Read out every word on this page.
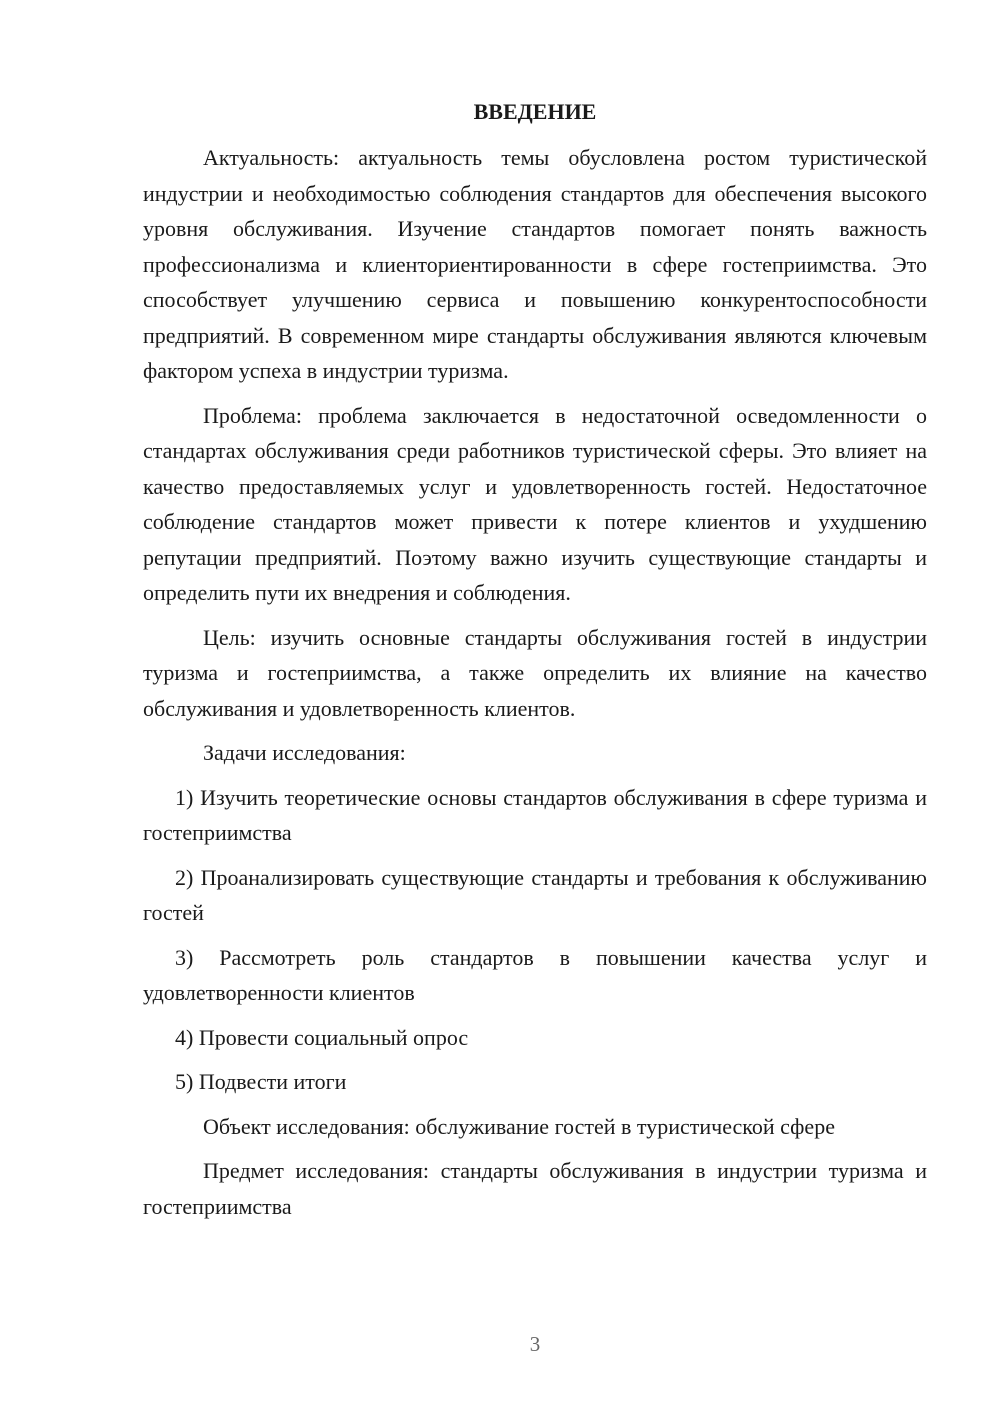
ВВЕДЕНИЕ

Актуальность: актуальность темы обусловлена ростом туристической индустрии и необходимостью соблюдения стандартов для обеспечения высокого уровня обслуживания. Изучение стандартов помогает понять важность профессионализма и клиенториентированности в сфере гостеприимства. Это способствует улучшению сервиса и повышению конкурентоспособности предприятий. В современном мире стандарты обслуживания являются ключевым фактором успеха в индустрии туризма.

Проблема: проблема заключается в недостаточной осведомленности о стандартах обслуживания среди работников туристической сферы. Это влияет на качество предоставляемых услуг и удовлетворенность гостей. Недостаточное соблюдение стандартов может привести к потере клиентов и ухудшению репутации предприятий. Поэтому важно изучить существующие стандарты и определить пути их внедрения и соблюдения.

Цель: изучить основные стандарты обслуживания гостей в индустрии туризма и гостеприимства, а также определить их влияние на качество обслуживания и удовлетворенность клиентов.

Задачи исследования:

1) Изучить теоретические основы стандартов обслуживания в сфере туризма и гостеприимства

2) Проанализировать существующие стандарты и требования к обслуживанию гостей

3) Рассмотреть роль стандартов в повышении качества услуг и удовлетворенности клиентов

4) Провести социальный опрос

5) Подвести итоги

Объект исследования: обслуживание гостей в туристической сфере

Предмет исследования: стандарты обслуживания в индустрии туризма и гостеприимства

3
